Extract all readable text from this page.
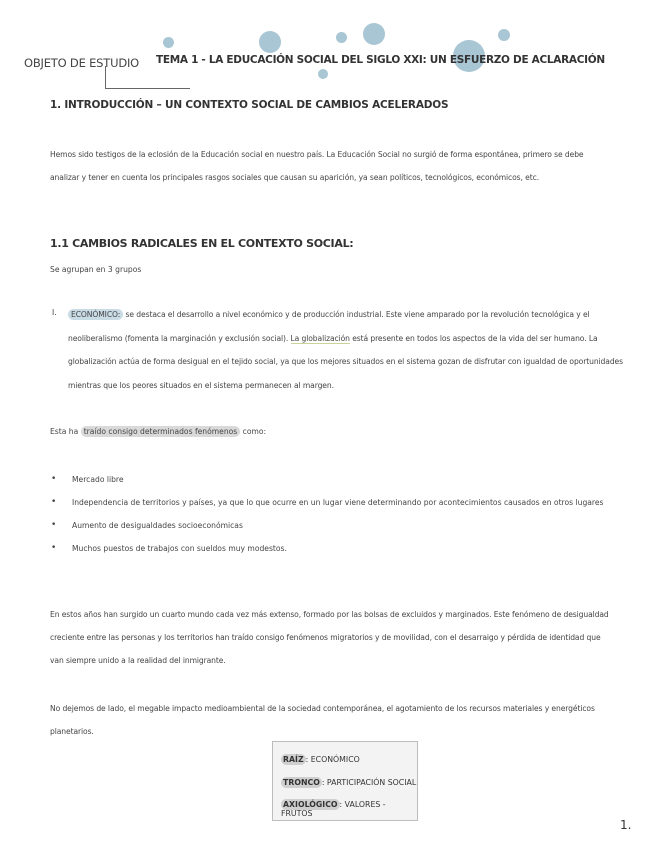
OBJETO DE ESTUDIO TEMA 1 - LA EDUCACIÓN SOCIAL DEL SIGLO XXI: UN ESFUERZO DE ACLARACIÓN
1. INTRODUCCIÓN – UN CONTEXTO SOCIAL DE CAMBIOS ACELERADOS
Hemos sido testigos de la eclosión de la Educación social en nuestro país. La Educación Social no surgió de forma espontánea, primero se debe analizar y tener en cuenta los principales rasgos sociales que causan su aparición, ya sean políticos, tecnológicos, económicos, etc.
1.1 CAMBIOS RADICALES EN EL CONTEXTO SOCIAL:
Se agrupan en 3 grupos
I.	ECONÓMICO: se destaca el desarrollo a nivel económico y de producción industrial. Este viene amparado por la revolución tecnológica y el neoliberalismo (fomenta la marginación y exclusión social). La globalización está presente en todos los aspectos de la vida del ser humano. La globalización actúa de forma desigual en el tejido social, ya que los mejores situados en el sistema gozan de disfrutar con igualdad de oportunidades mientras que los peores situados en el sistema permanecen al margen.
Esta ha traído consigo determinados fenómenos como:
• Mercado libre
• Independencia de territorios y países, ya que lo que ocurre en un lugar viene determinando por acontecimientos causados en otros lugares
• Aumento de desigualdades socioeconómicas
• Muchos puestos de trabajos con sueldos muy modestos.
En estos años han surgido un cuarto mundo cada vez más extenso, formado por las bolsas de excluidos y marginados. Este fenómeno de desigualdad creciente entre las personas y los territorios han traído consigo fenómenos migratorios y de movilidad, con el desarraigo y pérdida de identidad que van siempre unido a la realidad del inmigrante.
No dejemos de lado, el megable impacto medioambiental de la sociedad contemporánea, el agotamiento de los recursos materiales y energéticos planetarios.
RAÍZ : ECONÓMICO
TRONCO : PARTICIPACIÓN SOCIAL
AXIOLÓGICO : VALORES - FRUTOS
1.
